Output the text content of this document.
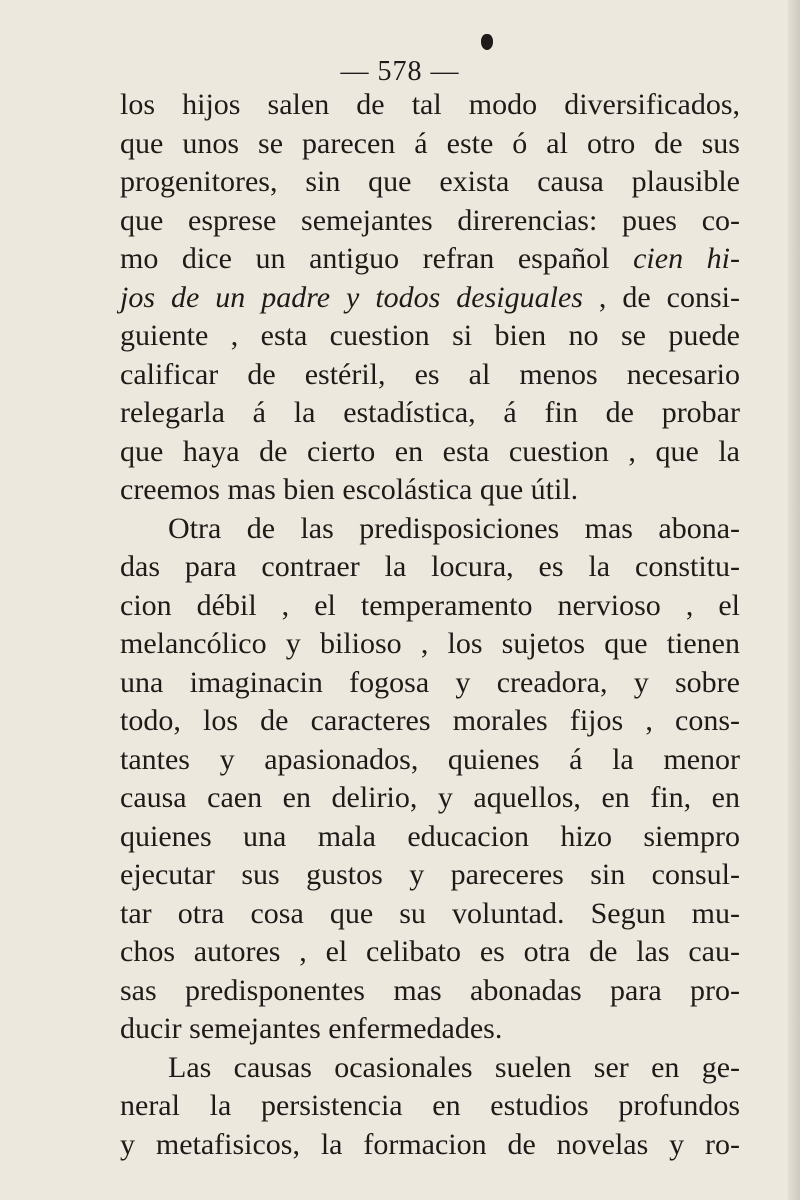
— 578 —
los hijos salen de tal modo diversificados,
que unos se parecen á este ó al otro de sus
progenitores, sin que exista causa plausible
que esprese semejantes direrencias: pues co-
mo dice un antiguo refran español cien hi-
jos de un padre y todos desiguales , de consi-
guiente , esta cuestion si bien no se puede
calificar de estéril, es al menos necesario
relegarla á la estadística, á fin de probar
que haya de cierto en esta cuestion , que la
creemos mas bien escolástica que útil.
Otra de las predisposiciones mas abona-
das para contraer la locura, es la constitu-
cion débil , el temperamento nervioso , el
melancólico y bilioso , los sujetos que tienen
una imaginacin fogosa y creadora, y sobre
todo, los de caracteres morales fijos , cons-
tantes y apasionados, quienes á la menor
causa caen en delirio, y aquellos, en fin, en
quienes una mala educacion hizo siempro
ejecutar sus gustos y pareceres sin consul-
tar otra cosa que su voluntad. Segun mu-
chos autores , el celibato es otra de las cau-
sas predisponentes mas abonadas para pro-
ducir semejantes enfermedades.
Las causas ocasionales suelen ser en ge-
neral la persistencia en estudios profundos
y metafisicos, la formacion de novelas y ro-
